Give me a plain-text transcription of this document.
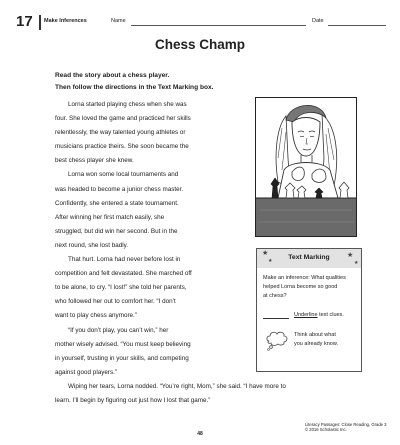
17 Make Inferences	Name	Date
Chess Champ
Read the story about a chess player.
Then follow the directions in the Text Marking box.

Lorna started playing chess when she was

four. She loved the game and practiced her skills
relentlessly, the way talented young athletes or
musicians practice theirs. She soon became the
best chess player she knew.

Lorna won some local tournaments and

was headed to become a junior chess master.
Confidently, she entered a state tournament.
After winning her first match easily, she
struggled, but did win her second. But in the
next round, she lost badly.

That hurt. Lorna had never before lost in

competition and felt devastated. She marched off
to be alone, to cry. “I lost!” she told her parents,
who followed her out to comfort her. “I don’t
want to play chess anymore.”

“If you don’t play, you can’t win,” her

mother wisely advised. “You must keep believing
in yourself, trusting in your skills, and competing
against good players.”

Wiping her tears, Lorna nodded. “You’re right, Mom,” she said. “I have more to

learn. I’ll begin by figuring out just how I lost that game.”
★
★
★
★
Text Marking
Make an inference: What qualities
helped Lorna become so good
at chess?
Underline text clues.
Think about what
you already know.
Literacy Passages: Close Reading, Grade 3
© 2016 Scholastic Inc.
48
